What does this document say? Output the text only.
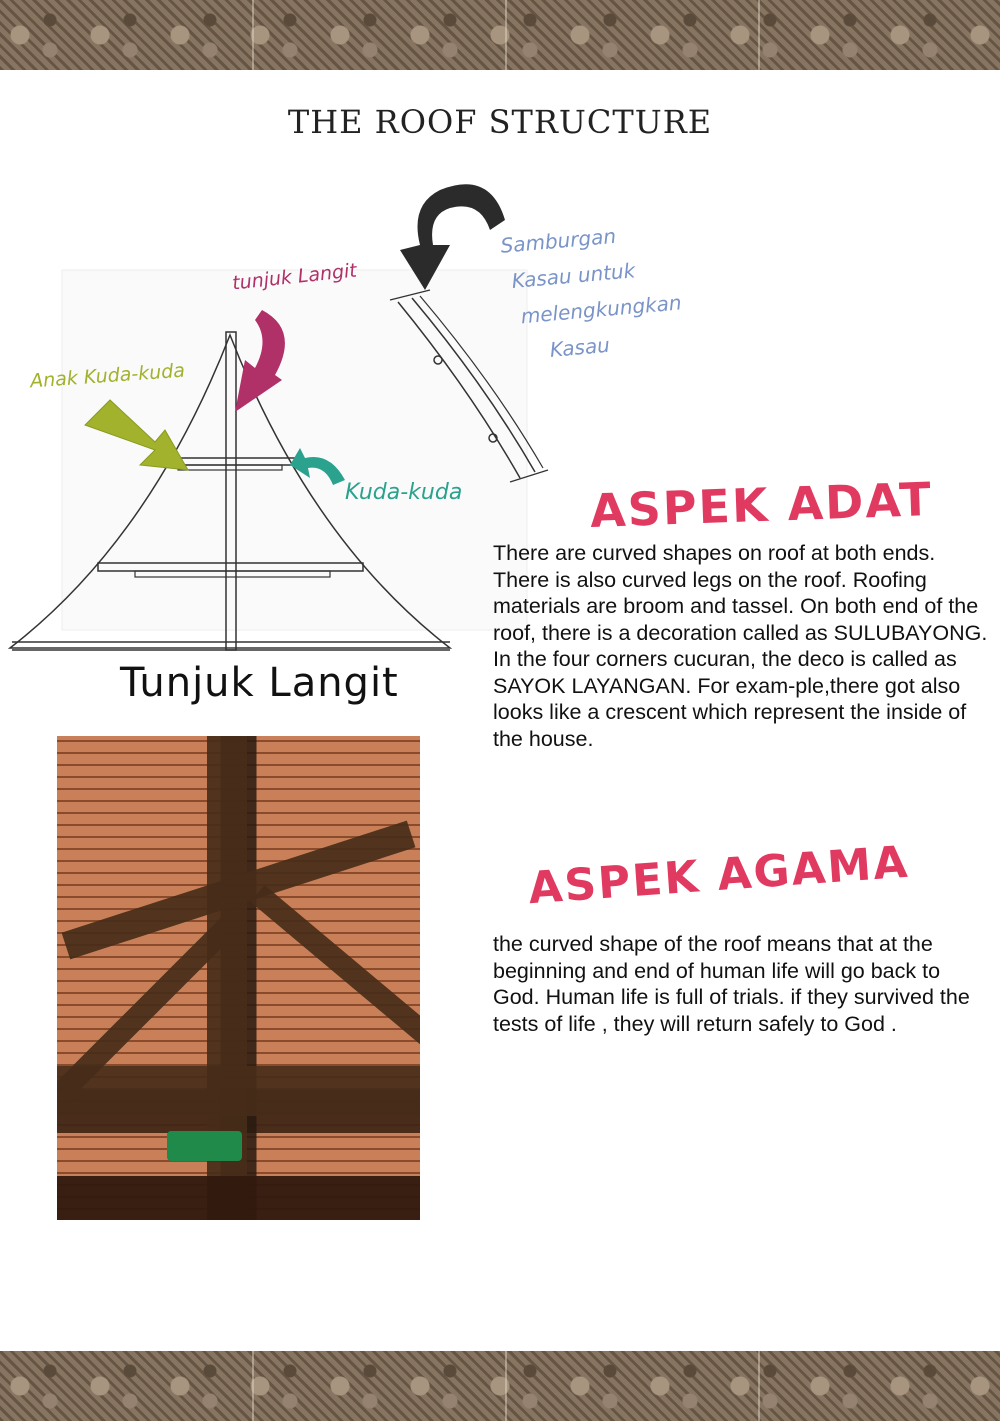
THE ROOF STRUCTURE
tunjuk Langit
Anak Kuda-kuda
Kuda-kuda
Samburgan
Kasau untuk
melengkungkan
Kasau
Tunjuk Langit
ASPEK ADAT

There are curved shapes on roof at both ends. There is also curved legs on the roof. Roofing materials are broom and tassel. On both end of the roof, there is a decoration called as SULUBAYONG. In the four corners cucuran, the deco is called as SAYOK LAYANGAN. For exam-ple,there got also looks like a crescent which represent the inside of the house.

ASPEK AGAMA

the curved shape of the roof means that at the beginning and end of human life will go back to God. Human life is full of trials. if they survived the tests of life , they will return safely to God .
